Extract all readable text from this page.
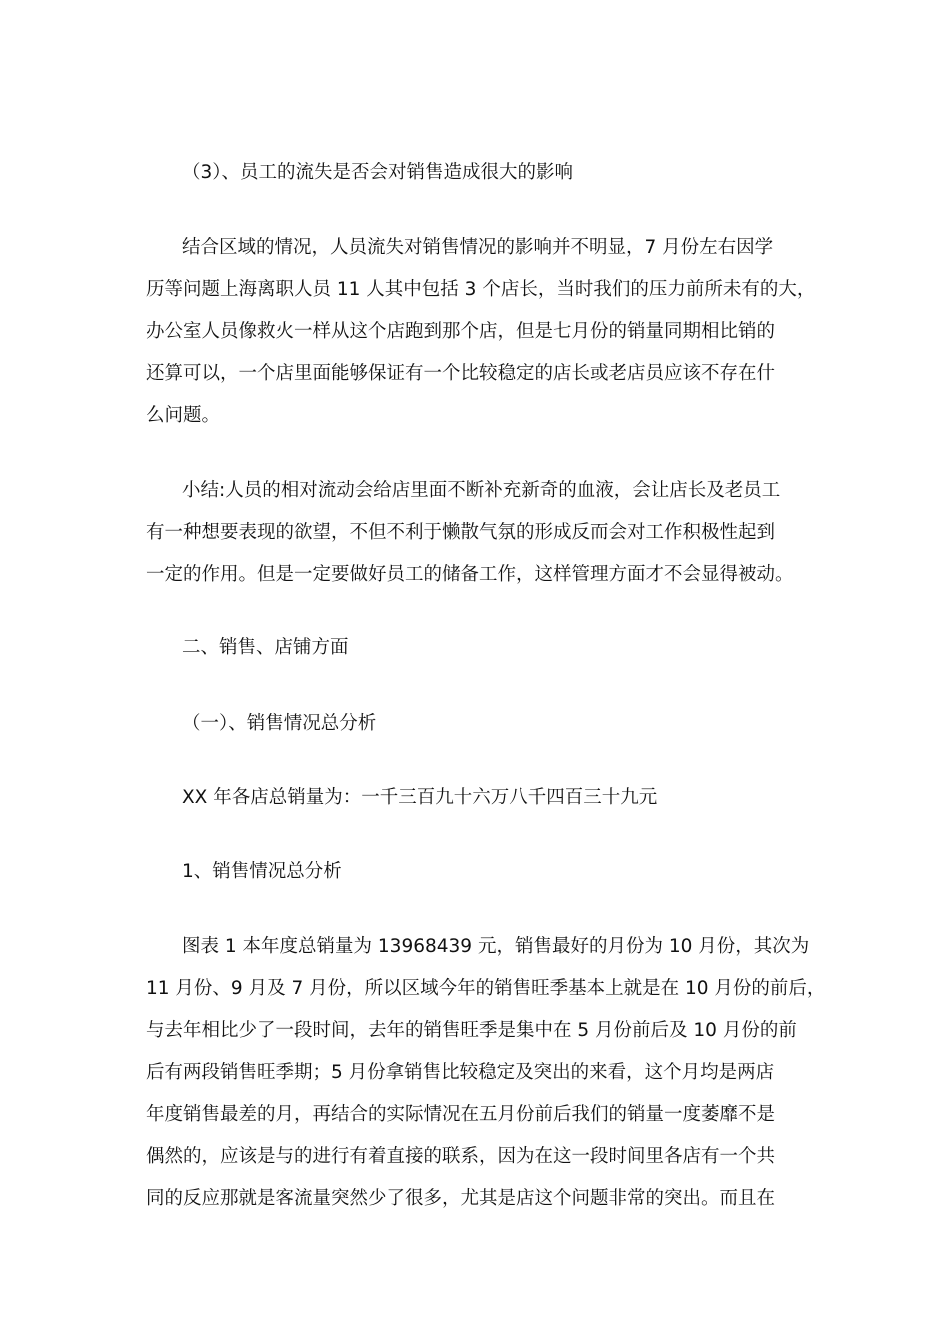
（3）、员工的流失是否会对销售造成很大的影响

结合区域的情况，人员流失对销售情况的影响并不明显，7 月份左右因学
历等问题上海离职人员 11 人其中包括 3 个店长，当时我们的压力前所未有的大，
办公室人员像救火一样从这个店跑到那个店，但是七月份的销量同期相比销的
还算可以，一个店里面能够保证有一个比较稳定的店长或老店员应该不存在什
么问题。

小结:人员的相对流动会给店里面不断补充新奇的血液，会让店长及老员工
有一种想要表现的欲望，不但不利于懒散气氛的形成反而会对工作积极性起到
一定的作用。但是一定要做好员工的储备工作，这样管理方面才不会显得被动。

二、销售、店铺方面

（一）、销售情况总分析

XX 年各店总销量为：一千三百九十六万八千四百三十九元

1、销售情况总分析

图表 1 本年度总销量为 13968439 元，销售最好的月份为 10 月份，其次为
11 月份、9 月及 7 月份，所以区域今年的销售旺季基本上就是在 10 月份的前后，
与去年相比少了一段时间，去年的销售旺季是集中在 5 月份前后及 10 月份的前
后有两段销售旺季期；5 月份拿销售比较稳定及突出的来看，这个月均是两店
年度销售最差的月，再结合的实际情况在五月份前后我们的销量一度萎靡不是
偶然的，应该是与的进行有着直接的联系，因为在这一段时间里各店有一个共
同的反应那就是客流量突然少了很多，尤其是店这个问题非常的突出。而且在
